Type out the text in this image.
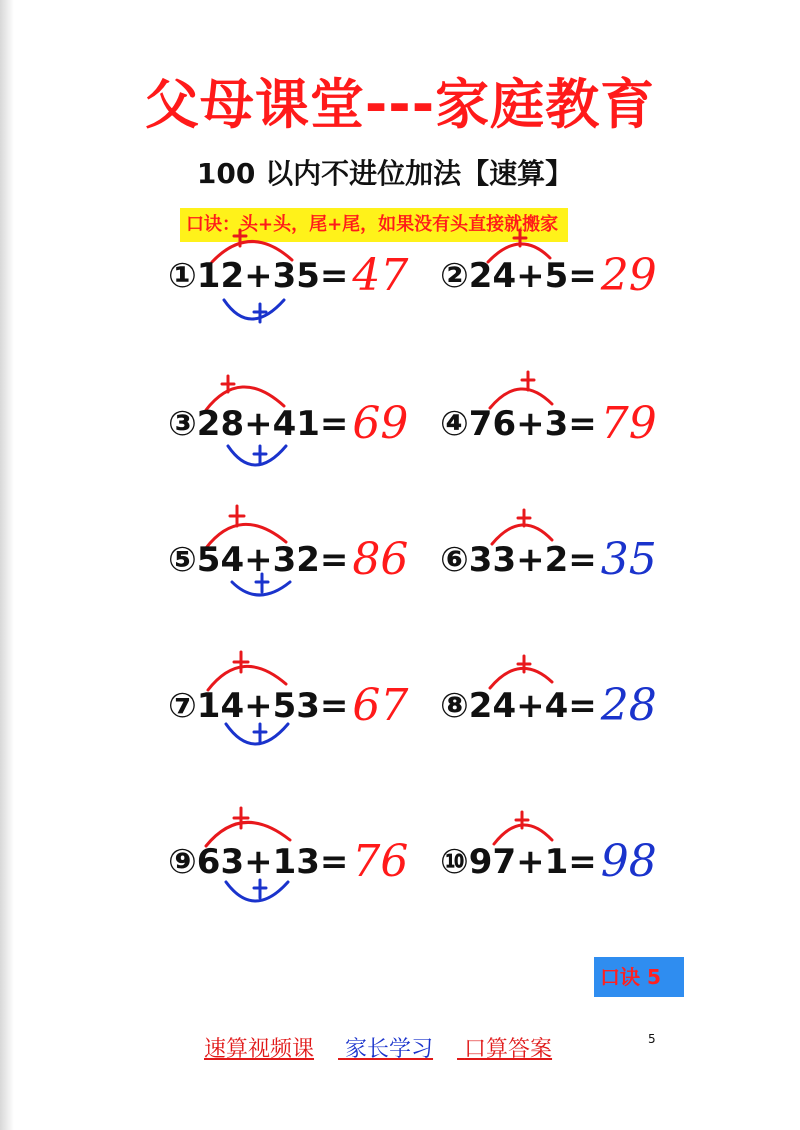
父母课堂---家庭教育
100 以内不进位加法【速算】
口诀：头+头，尾+尾，如果没有头直接就搬家
①12+35=47 ②24+5=29
③28+41=69 ④76+3=79
⑤54+32=86 ⑥33+2=35
⑦14+53=67 ⑧24+4=28
⑨63+13=76 ⑩97+1=98
口诀 5
速算视频课 家长学习 口算答案	5
